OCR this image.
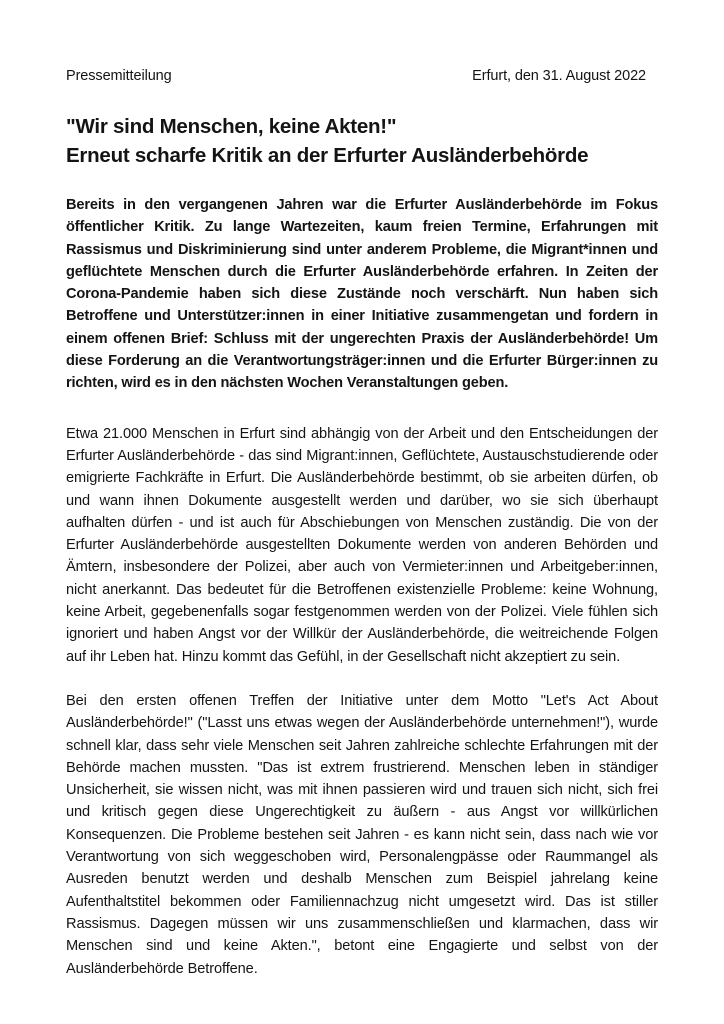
Pressemitteilung	Erfurt, den 31. August 2022
"Wir sind Menschen, keine Akten!"
Erneut scharfe Kritik an der Erfurter Ausländerbehörde

Bereits in den vergangenen Jahren war die Erfurter Ausländerbehörde im Fokus öffentlicher Kritik. Zu lange Wartezeiten, kaum freien Termine, Erfahrungen mit Rassismus und Diskriminierung sind unter anderem Probleme, die Migrant*innen und geflüchtete Menschen durch die Erfurter Ausländerbehörde erfahren. In Zeiten der Corona-Pandemie haben sich diese Zustände noch verschärft. Nun haben sich Betroffene und Unterstützer:innen in einer Initiative zusammengetan und fordern in einem offenen Brief: Schluss mit der ungerechten Praxis der Ausländerbehörde! Um diese Forderung an die Verantwortungsträger:innen und die Erfurter Bürger:innen zu richten, wird es in den nächsten Wochen Veranstaltungen geben.

Etwa 21.000 Menschen in Erfurt sind abhängig von der Arbeit und den Entscheidungen der Erfurter Ausländerbehörde - das sind Migrant:innen, Geflüchtete, Austauschstudierende oder emigrierte Fachkräfte in Erfurt. Die Ausländerbehörde bestimmt, ob sie arbeiten dürfen, ob und wann ihnen Dokumente ausgestellt werden und darüber, wo sie sich überhaupt aufhalten dürfen - und ist auch für Abschiebungen von Menschen zuständig. Die von der Erfurter Ausländerbehörde ausgestellten Dokumente werden von anderen Behörden und Ämtern, insbesondere der Polizei, aber auch von Vermieter:innen und Arbeitgeber:innen, nicht anerkannt. Das bedeutet für die Betroffenen existenzielle Probleme: keine Wohnung, keine Arbeit, gegebenenfalls sogar festgenommen werden von der Polizei. Viele fühlen sich ignoriert und haben Angst vor der Willkür der Ausländerbehörde, die weitreichende Folgen auf ihr Leben hat. Hinzu kommt das Gefühl, in der Gesellschaft nicht akzeptiert zu sein.

Bei den ersten offenen Treffen der Initiative unter dem Motto "Let's Act About Ausländerbehörde!" ("Lasst uns etwas wegen der Ausländerbehörde unternehmen!"), wurde schnell klar, dass sehr viele Menschen seit Jahren zahlreiche schlechte Erfahrungen mit der Behörde machen mussten. "Das ist extrem frustrierend. Menschen leben in ständiger Unsicherheit, sie wissen nicht, was mit ihnen passieren wird und trauen sich nicht, sich frei und kritisch gegen diese Ungerechtigkeit zu äußern - aus Angst vor willkürlichen Konsequenzen. Die Probleme bestehen seit Jahren - es kann nicht sein, dass nach wie vor Verantwortung von sich weggeschoben wird, Personalengpässe oder Raummangel als Ausreden benutzt werden und deshalb Menschen zum Beispiel jahrelang keine Aufenthaltstitel bekommen oder Familiennachzug nicht umgesetzt wird. Das ist stiller Rassismus. Dagegen müssen wir uns zusammenschließen und klarmachen, dass wir Menschen sind und keine Akten.", betont eine Engagierte und selbst von der Ausländerbehörde Betroffene.
